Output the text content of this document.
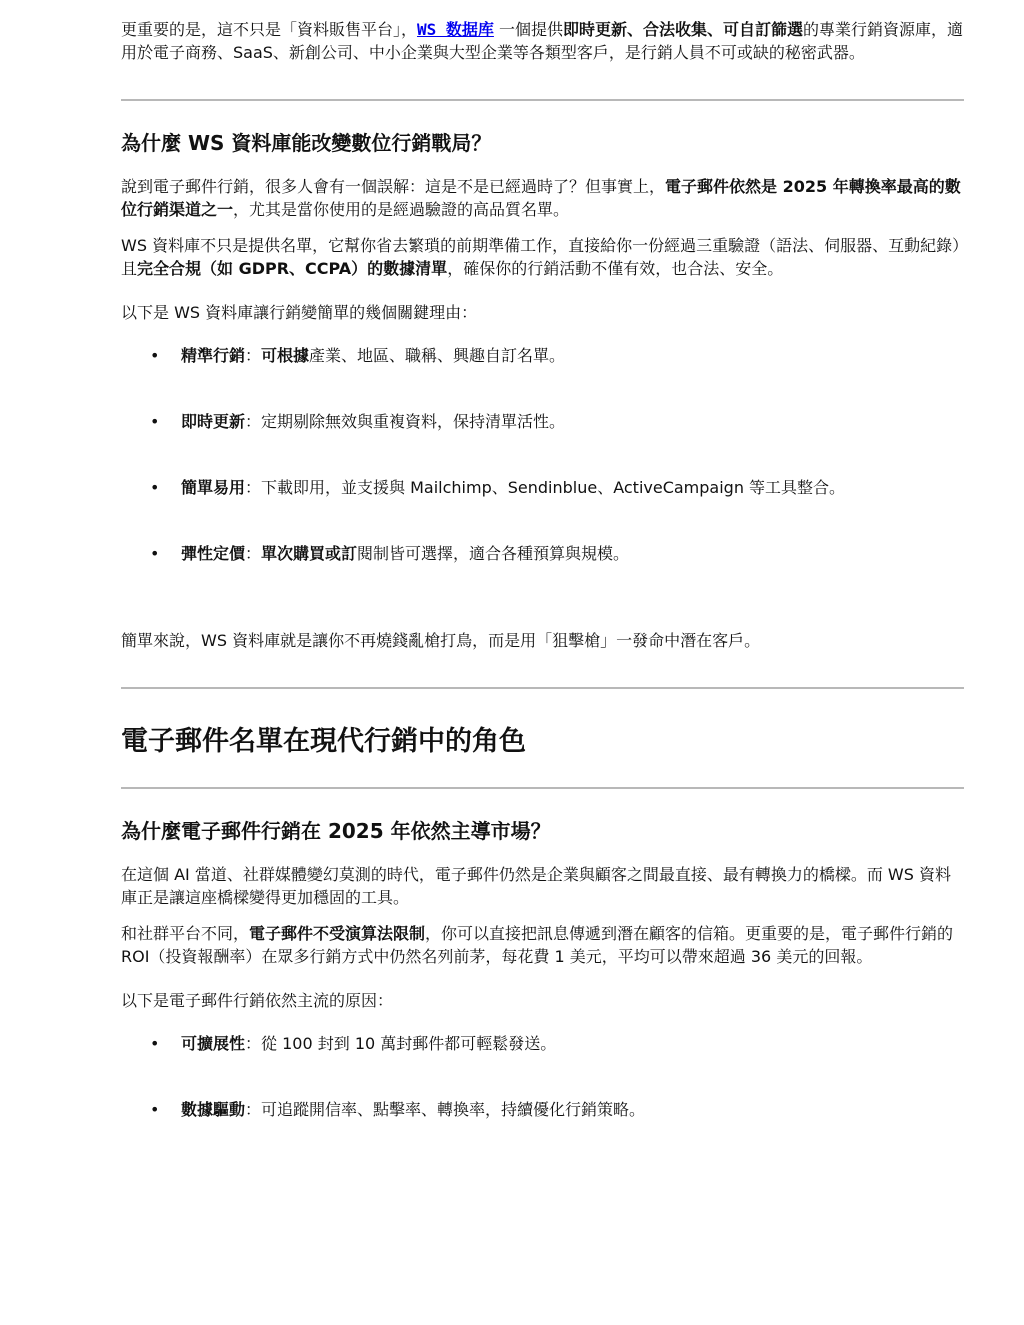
更重要的是，這不只是「資料販售平台」，WS 数据库 一個提供即時更新、合法收集、可自訂篩選的專業行銷資源庫，適用於電子商務、SaaS、新創公司、中小企業與大型企業等各類型客戶，是行銷人員不可或缺的秘密武器。

為什麼 WS 資料庫能改變數位行銷戰局？

說到電子郵件行銷，很多人會有一個誤解：這是不是已經過時了？但事實上，電子郵件依然是 2025 年轉換率最高的數位行銷渠道之一，尤其是當你使用的是經過驗證的高品質名單。

WS 資料庫不只是提供名單，它幫你省去繁瑣的前期準備工作，直接給你一份經過三重驗證（語法、伺服器、互動紀錄）且完全合規（如 GDPR、CCPA）的數據清單，確保你的行銷活動不僅有效，也合法、安全。

以下是 WS 資料庫讓行銷變簡單的幾個關鍵理由：

• 精準行銷：可根據產業、地區、職稱、興趣自訂名單。
• 即時更新：定期剔除無效與重複資料，保持清單活性。
• 簡單易用：下載即用，並支援與 Mailchimp、Sendinblue、ActiveCampaign 等工具整合。
• 彈性定價：單次購買或訂閱制皆可選擇，適合各種預算與規模。

簡單來說，WS 資料庫就是讓你不再燒錢亂槍打鳥，而是用「狙擊槍」一發命中潛在客戶。

電子郵件名單在現代行銷中的角色
為什麼電子郵件行銷在 2025 年依然主導市場？

在這個 AI 當道、社群媒體變幻莫測的時代，電子郵件仍然是企業與顧客之間最直接、最有轉換力的橋樑。而 WS 資料庫正是讓這座橋樑變得更加穩固的工具。

和社群平台不同，電子郵件不受演算法限制，你可以直接把訊息傳遞到潛在顧客的信箱。更重要的是，電子郵件行銷的 ROI（投資報酬率）在眾多行銷方式中仍然名列前茅，每花費 1 美元，平均可以帶來超過 36 美元的回報。

以下是電子郵件行銷依然主流的原因：

• 可擴展性：從 100 封到 10 萬封郵件都可輕鬆發送。
• 數據驅動：可追蹤開信率、點擊率、轉換率，持續優化行銷策略。
